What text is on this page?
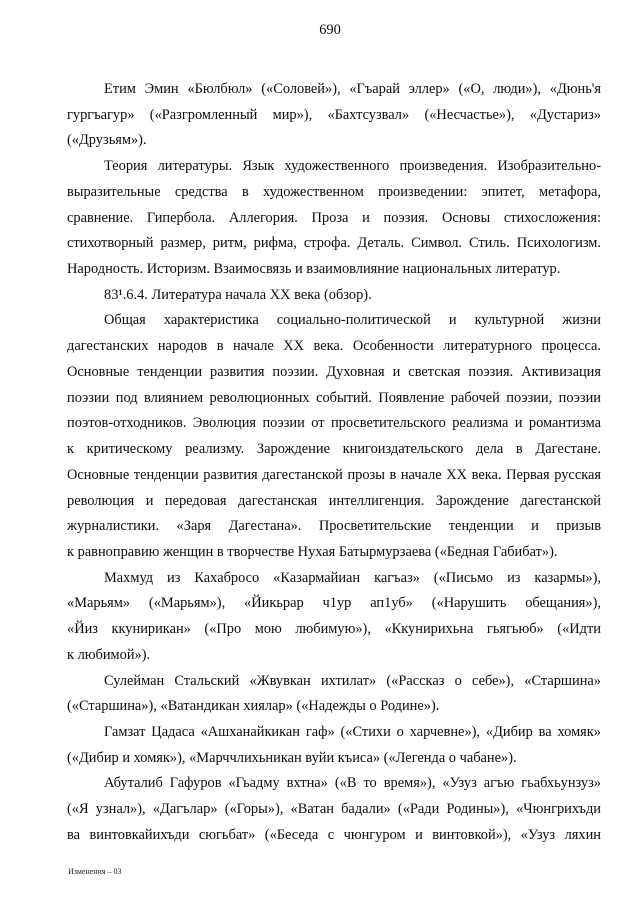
690
Етим Эмин «Бюлбюл» («Соловей»), «Гъарай эллер» («О, люди»), «Дюнь'я
гургъагур» («Разгромленный мир»), «Бахтсузвал» («Несчастье»), «Дустариз»
(«Друзьям»).
Теория литературы. Язык художественного произведения. Изобразительно-
выразительные средства в художественном произведении: эпитет, метафора,
сравнение. Гипербола. Аллегория. Проза и поэзия. Основы стихосложения:
стихотворный размер, ритм, рифма, строфа. Деталь. Символ. Стиль. Психологизм.
Народность. Историзм. Взаимосвязь и взаимовлияние национальных литератур.
83¹.6.4. Литература начала ХХ века (обзор).
Общая характеристика социально-политической и культурной жизни
дагестанских народов в начале ХХ века. Особенности литературного процесса.
Основные тенденции развития поэзии. Духовная и светская поэзия. Активизация
поэзии под влиянием революционных событий. Появление рабочей поэзии, поэзии
поэтов-отходников. Эволюция поэзии от просветительского реализма и романтизма
к критическому реализму. Зарождение книгоиздательского дела в Дагестане.
Основные тенденции развития дагестанской прозы в начале ХХ века. Первая русская
революция и передовая дагестанская интеллигенция. Зарождение дагестанской
журналистики. «Заря Дагестана». Просветительские тенденции и призыв
к равноправию женщин в творчестве Нухая Батырмурзаева («Бедная Габибат»).
Махмуд из Кахабросо «Казармайиан кагъаз» («Письмо из казармы»),
«Марьям» («Марьям»), «Йикьрар ч1ур ап1уб» («Нарушить обещания»),
«Йиз ккунирикан» («Про мою любимую»), «Ккунирихьна гьягьюб» («Идти
к любимой»).
Сулейман Стальский «Жвувкан ихтилат» («Рассказ о себе»), «Старшина»
(«Старшина»), «Ватандикан хиялар» («Надежды о Родине»).
Гамзат Цадаса «Ашханайкикан гаф» («Стихи о харчевне»), «Дибир ва хомяк»
(«Дибир и хомяк»), «Марччлихьникан вуйи къиса» («Легенда о чабане»).
Абуталиб Гафуров «Гьадму вхтна» («В то время»), «Узуз агъю гьабхьунзуз»
(«Я узнал»), «Дагълар» («Горы»), «Ватан бадали» («Ради Родины»), «Чюнгрихъди
ва винтовкайихъди сюгьбат» («Беседа с чюнгуром и винтовкой»), «Узуз ляхин
Изменения – 03
